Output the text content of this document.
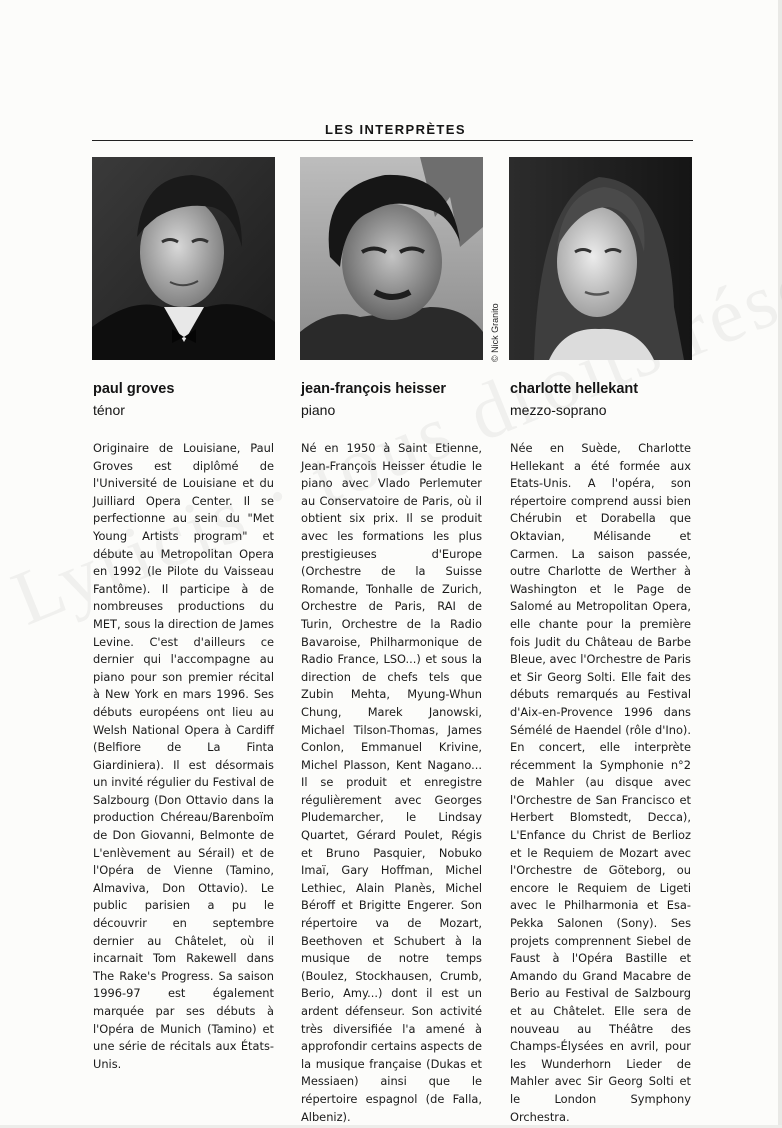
LES INTERPRÈTES
© Nick Granito
paul groves
ténor
jean-françois heisser
piano
charlotte hellekant
mezzo-soprano

Originaire de Louisiane, Paul Groves est diplômé de l'Université de Louisiane et du Juilliard Opera Center. Il se perfectionne au sein du "Met Young Artists program" et débute au Metropolitan Opera en 1992 (le Pilote du Vaisseau Fantôme). Il participe à de nombreuses productions du MET, sous la direction de James Levine. C'est d'ailleurs ce dernier qui l'accompagne au piano pour son premier récital à New York en mars 1996. Ses débuts européens ont lieu au Welsh National Opera à Cardiff (Belfiore de La Finta Giardiniera). Il est désormais un invité régulier du Festival de Salzbourg (Don Ottavio dans la production Chéreau/Barenboïm de Don Giovanni, Belmonte de L'enlèvement au Sérail) et de l'Opéra de Vienne (Tamino, Almaviva, Don Ottavio). Le public parisien a pu le découvrir en septembre dernier au Châtelet, où il incarnait Tom Rakewell dans The Rake's Progress. Sa saison 1996-97 est également marquée par ses débuts à l'Opéra de Munich (Tamino) et une série de récitals aux États-Unis.

Né en 1950 à Saint Etienne, Jean-François Heisser étudie le piano avec Vlado Perlemuter au Conservatoire de Paris, où il obtient six prix. Il se produit avec les formations les plus prestigieuses d'Europe (Orchestre de la Suisse Romande, Tonhalle de Zurich, Orchestre de Paris, RAI de Turin, Orchestre de la Radio Bavaroise, Philharmonique de Radio France, LSO...) et sous la direction de chefs tels que Zubin Mehta, Myung-Whun Chung, Marek Janowski, Michael Tilson-Thomas, James Conlon, Emmanuel Krivine, Michel Plasson, Kent Nagano... Il se produit et enregistre régulièrement avec Georges Pludemarcher, le Lindsay Quartet, Gérard Poulet, Régis et Bruno Pasquier, Nobuko Imaï, Gary Hoffman, Michel Lethiec, Alain Planès, Michel Béroff et Brigitte Engerer. Son répertoire va de Mozart, Beethoven et Schubert à la musique de notre temps (Boulez, Stockhausen, Crumb, Berio, Amy...) dont il est un ardent défenseur. Son activité très diversifiée l'a amené à approfondir certains aspects de la musique française (Dukas et Messiaen) ainsi que le répertoire espagnol (de Falla, Albeniz).

Née en Suède, Charlotte Hellekant a été formée aux Etats-Unis. A l'opéra, son répertoire comprend aussi bien Chérubin et Dorabella que Oktavian, Mélisande et Carmen. La saison passée, outre Charlotte de Werther à Washington et le Page de Salomé au Metropolitan Opera, elle chante pour la première fois Judit du Château de Barbe Bleue, avec l'Orchestre de Paris et Sir Georg Solti. Elle fait des débuts remarqués au Festival d'Aix-en-Provence 1996 dans Sémélé de Haendel (rôle d'Ino). En concert, elle interprète récemment la Symphonie n°2 de Mahler (au disque avec l'Orchestre de San Francisco et Herbert Blomstedt, Decca), L'Enfance du Christ de Berlioz et le Requiem de Mozart avec l'Orchestre de Göteborg, ou encore le Requiem de Ligeti avec le Philharmonia et Esa-Pekka Salonen (Sony). Ses projets comprennent Siebel de Faust à l'Opéra Bastille et Amando du Grand Macabre de Berio au Festival de Salzbourg et au Châtelet. Elle sera de nouveau au Théâtre des Champs-Élysées en avril, pour les Wunderhorn Lieder de Mahler avec Sir Georg Solti et le London Symphony Orchestra.
